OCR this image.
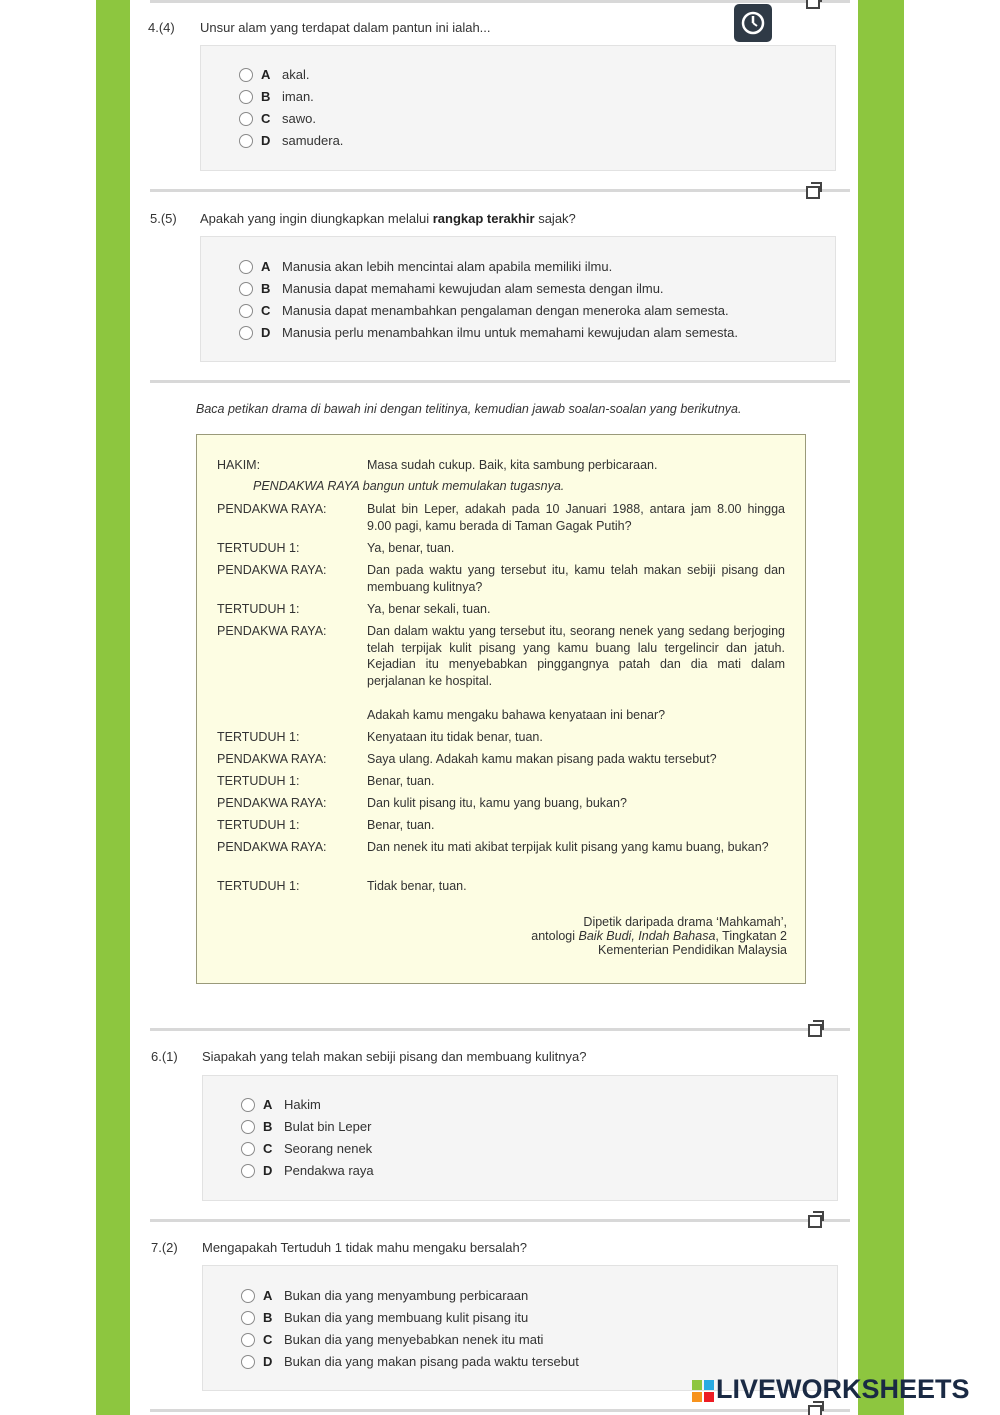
4.(4) Unsur alam yang terdapat dalam pantun ini ialah...
A akal.
B iman.
C sawo.
D samudera.
5.(5) Apakah yang ingin diungkapkan melalui rangkap terakhir sajak?
A Manusia akan lebih mencintai alam apabila memiliki ilmu.
B Manusia dapat memahami kewujudan alam semesta dengan ilmu.
C Manusia dapat menambahkan pengalaman dengan meneroka alam semesta.
D Manusia perlu menambahkan ilmu untuk memahami kewujudan alam semesta.
Baca petikan drama di bawah ini dengan telitinya, kemudian jawab soalan-soalan yang berikutnya.
HAKIM:	Masa sudah cukup. Baik, kita sambung perbicaraan.
PENDAKWA RAYA bangun untuk memulakan tugasnya.
PENDAKWA RAYA:	Bulat bin Leper, adakah pada 10 Januari 1988, antara jam 8.00 hingga 9.00 pagi, kamu berada di Taman Gagak Putih?
TERTUDUH 1:	Ya, benar, tuan.
PENDAKWA RAYA:	Dan pada waktu yang tersebut itu, kamu telah makan sebiji pisang dan membuang kulitnya?
TERTUDUH 1:	Ya, benar sekali, tuan.
PENDAKWA RAYA:	Dan dalam waktu yang tersebut itu, seorang nenek yang sedang berjoging telah terpijak kulit pisang yang kamu buang lalu tergelincir dan jatuh. Kejadian itu menyebabkan pinggangnya patah dan dia mati dalam perjalanan ke hospital.
Adakah kamu mengaku bahawa kenyataan ini benar?
TERTUDUH 1:	Kenyataan itu tidak benar, tuan.
PENDAKWA RAYA:	Saya ulang. Adakah kamu makan pisang pada waktu tersebut?
TERTUDUH 1:	Benar, tuan.
PENDAKWA RAYA:	Dan kulit pisang itu, kamu yang buang, bukan?
TERTUDUH 1:	Benar, tuan.
PENDAKWA RAYA:	Dan nenek itu mati akibat terpijak kulit pisang yang kamu buang, bukan?
TERTUDUH 1:	Tidak benar, tuan.
Dipetik daripada drama ‘Mahkamah’,
antologi Baik Budi, Indah Bahasa, Tingkatan 2
Kementerian Pendidikan Malaysia
6.(1) Siapakah yang telah makan sebiji pisang dan membuang kulitnya?
A Hakim
B Bulat bin Leper
C Seorang nenek
D Pendakwa raya
7.(2) Mengapakah Tertuduh 1 tidak mahu mengaku bersalah?
A Bukan dia yang menyambung perbicaraan
B Bukan dia yang membuang kulit pisang itu
C Bukan dia yang menyebabkan nenek itu mati
D Bukan dia yang makan pisang pada waktu tersebut
LIVEWORKSHEETS
